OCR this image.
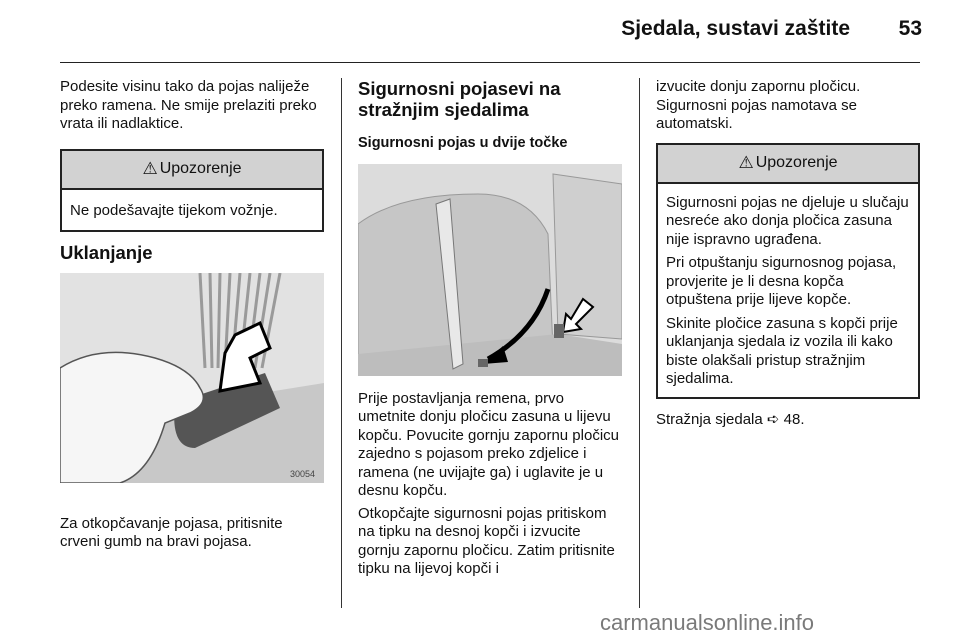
Sjedala, sustavi zaštite	53

Podesite visinu tako da pojas naliježe preko ramena. Ne smije prelaziti preko vrata ili nadlaktice.

⚠ Upozorenje

Ne podešavajte tijekom vožnje.

Uklanjanje
30054

Za otkopčavanje pojasa, pritisnite crveni gumb na bravi pojasa.

Sigurnosni pojasevi na stražnjim sjedalima
Sigurnosni pojas u dvije točke

Prije postavljanja remena, prvo umetnite donju pločicu zasuna u lijevu kopču. Povucite gornju zapornu pločicu zajedno s pojasom preko zdjelice i ramena (ne uvijajte ga) i uglavite je u desnu kopču.

Otkopčajte sigurnosni pojas pritiskom na tipku na desnoj kopči i izvucite gornju zapornu pločicu. Zatim pritisnite tipku na lijevoj kopči i

izvucite donju zapornu pločicu. Sigurnosni pojas namotava se automatski.

⚠ Upozorenje

Sigurnosni pojas ne djeluje u slučaju nesreće ako donja pločica zasuna nije ispravno ugrađena.

Pri otpuštanju sigurnosnog pojasa, provjerite je li desna kopča otpuštena prije lijeve kopče.

Skinite pločice zasuna s kopči prije uklanjanja sjedala iz vozila ili kako biste olakšali pristup stražnjim sjedalima.

Stražnja sjedala ➪ 48.

carmanualsonline.info
